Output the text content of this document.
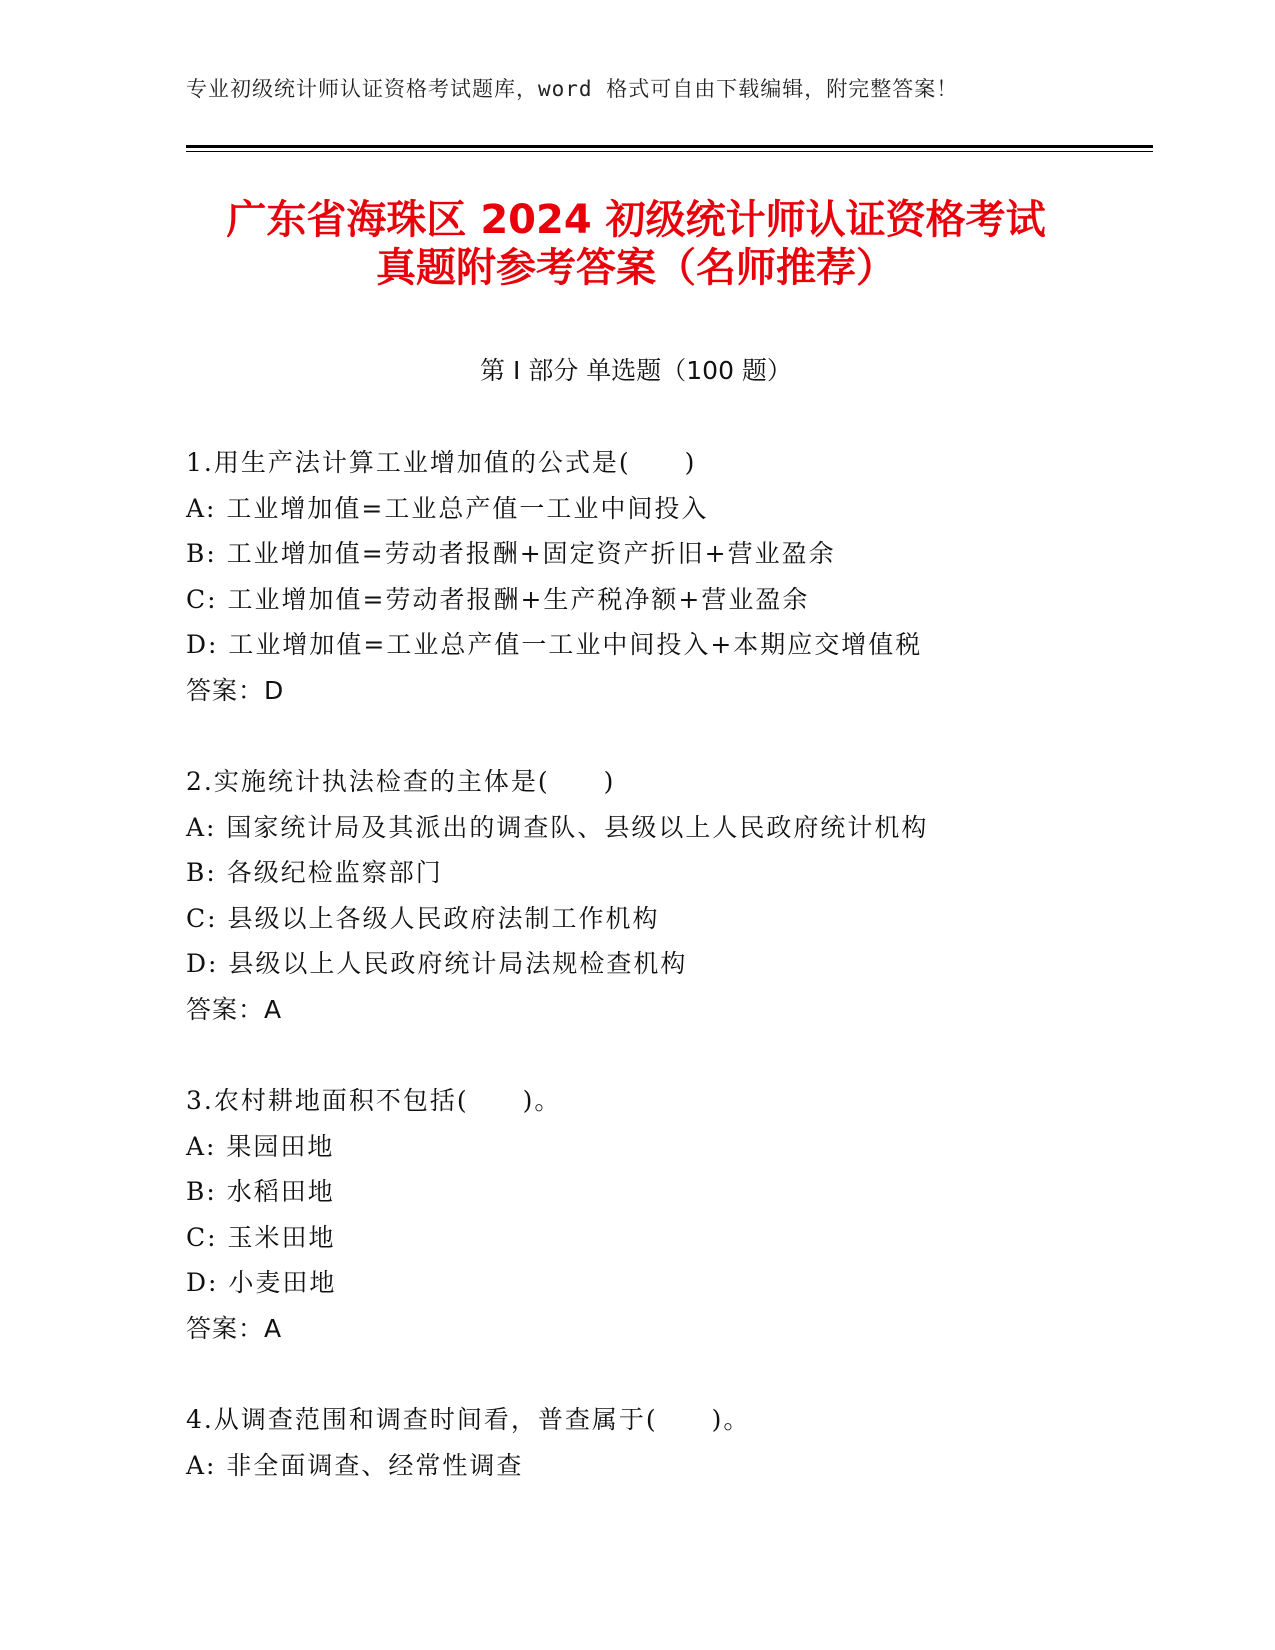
专业初级统计师认证资格考试题库，word 格式可自由下载编辑，附完整答案！
广东省海珠区 2024 初级统计师认证资格考试
真题附参考答案（名师推荐）
第 I 部分 单选题（100 题）
1.用生产法计算工业增加值的公式是(　　)
A: 工业增加值=工业总产值一工业中间投入
B: 工业增加值=劳动者报酬+固定资产折旧+营业盈余
C: 工业增加值=劳动者报酬+生产税净额+营业盈余
D: 工业增加值=工业总产值一工业中间投入+本期应交增值税
答案：D
2.实施统计执法检查的主体是(　　)
A: 国家统计局及其派出的调查队、县级以上人民政府统计机构
B: 各级纪检监察部门
C: 县级以上各级人民政府法制工作机构
D: 县级以上人民政府统计局法规检查机构
答案：A
3.农村耕地面积不包括(　　)。
A: 果园田地
B: 水稻田地
C: 玉米田地
D: 小麦田地
答案：A
4.从调查范围和调查时间看，普查属于(　　)。
A: 非全面调查、经常性调查
